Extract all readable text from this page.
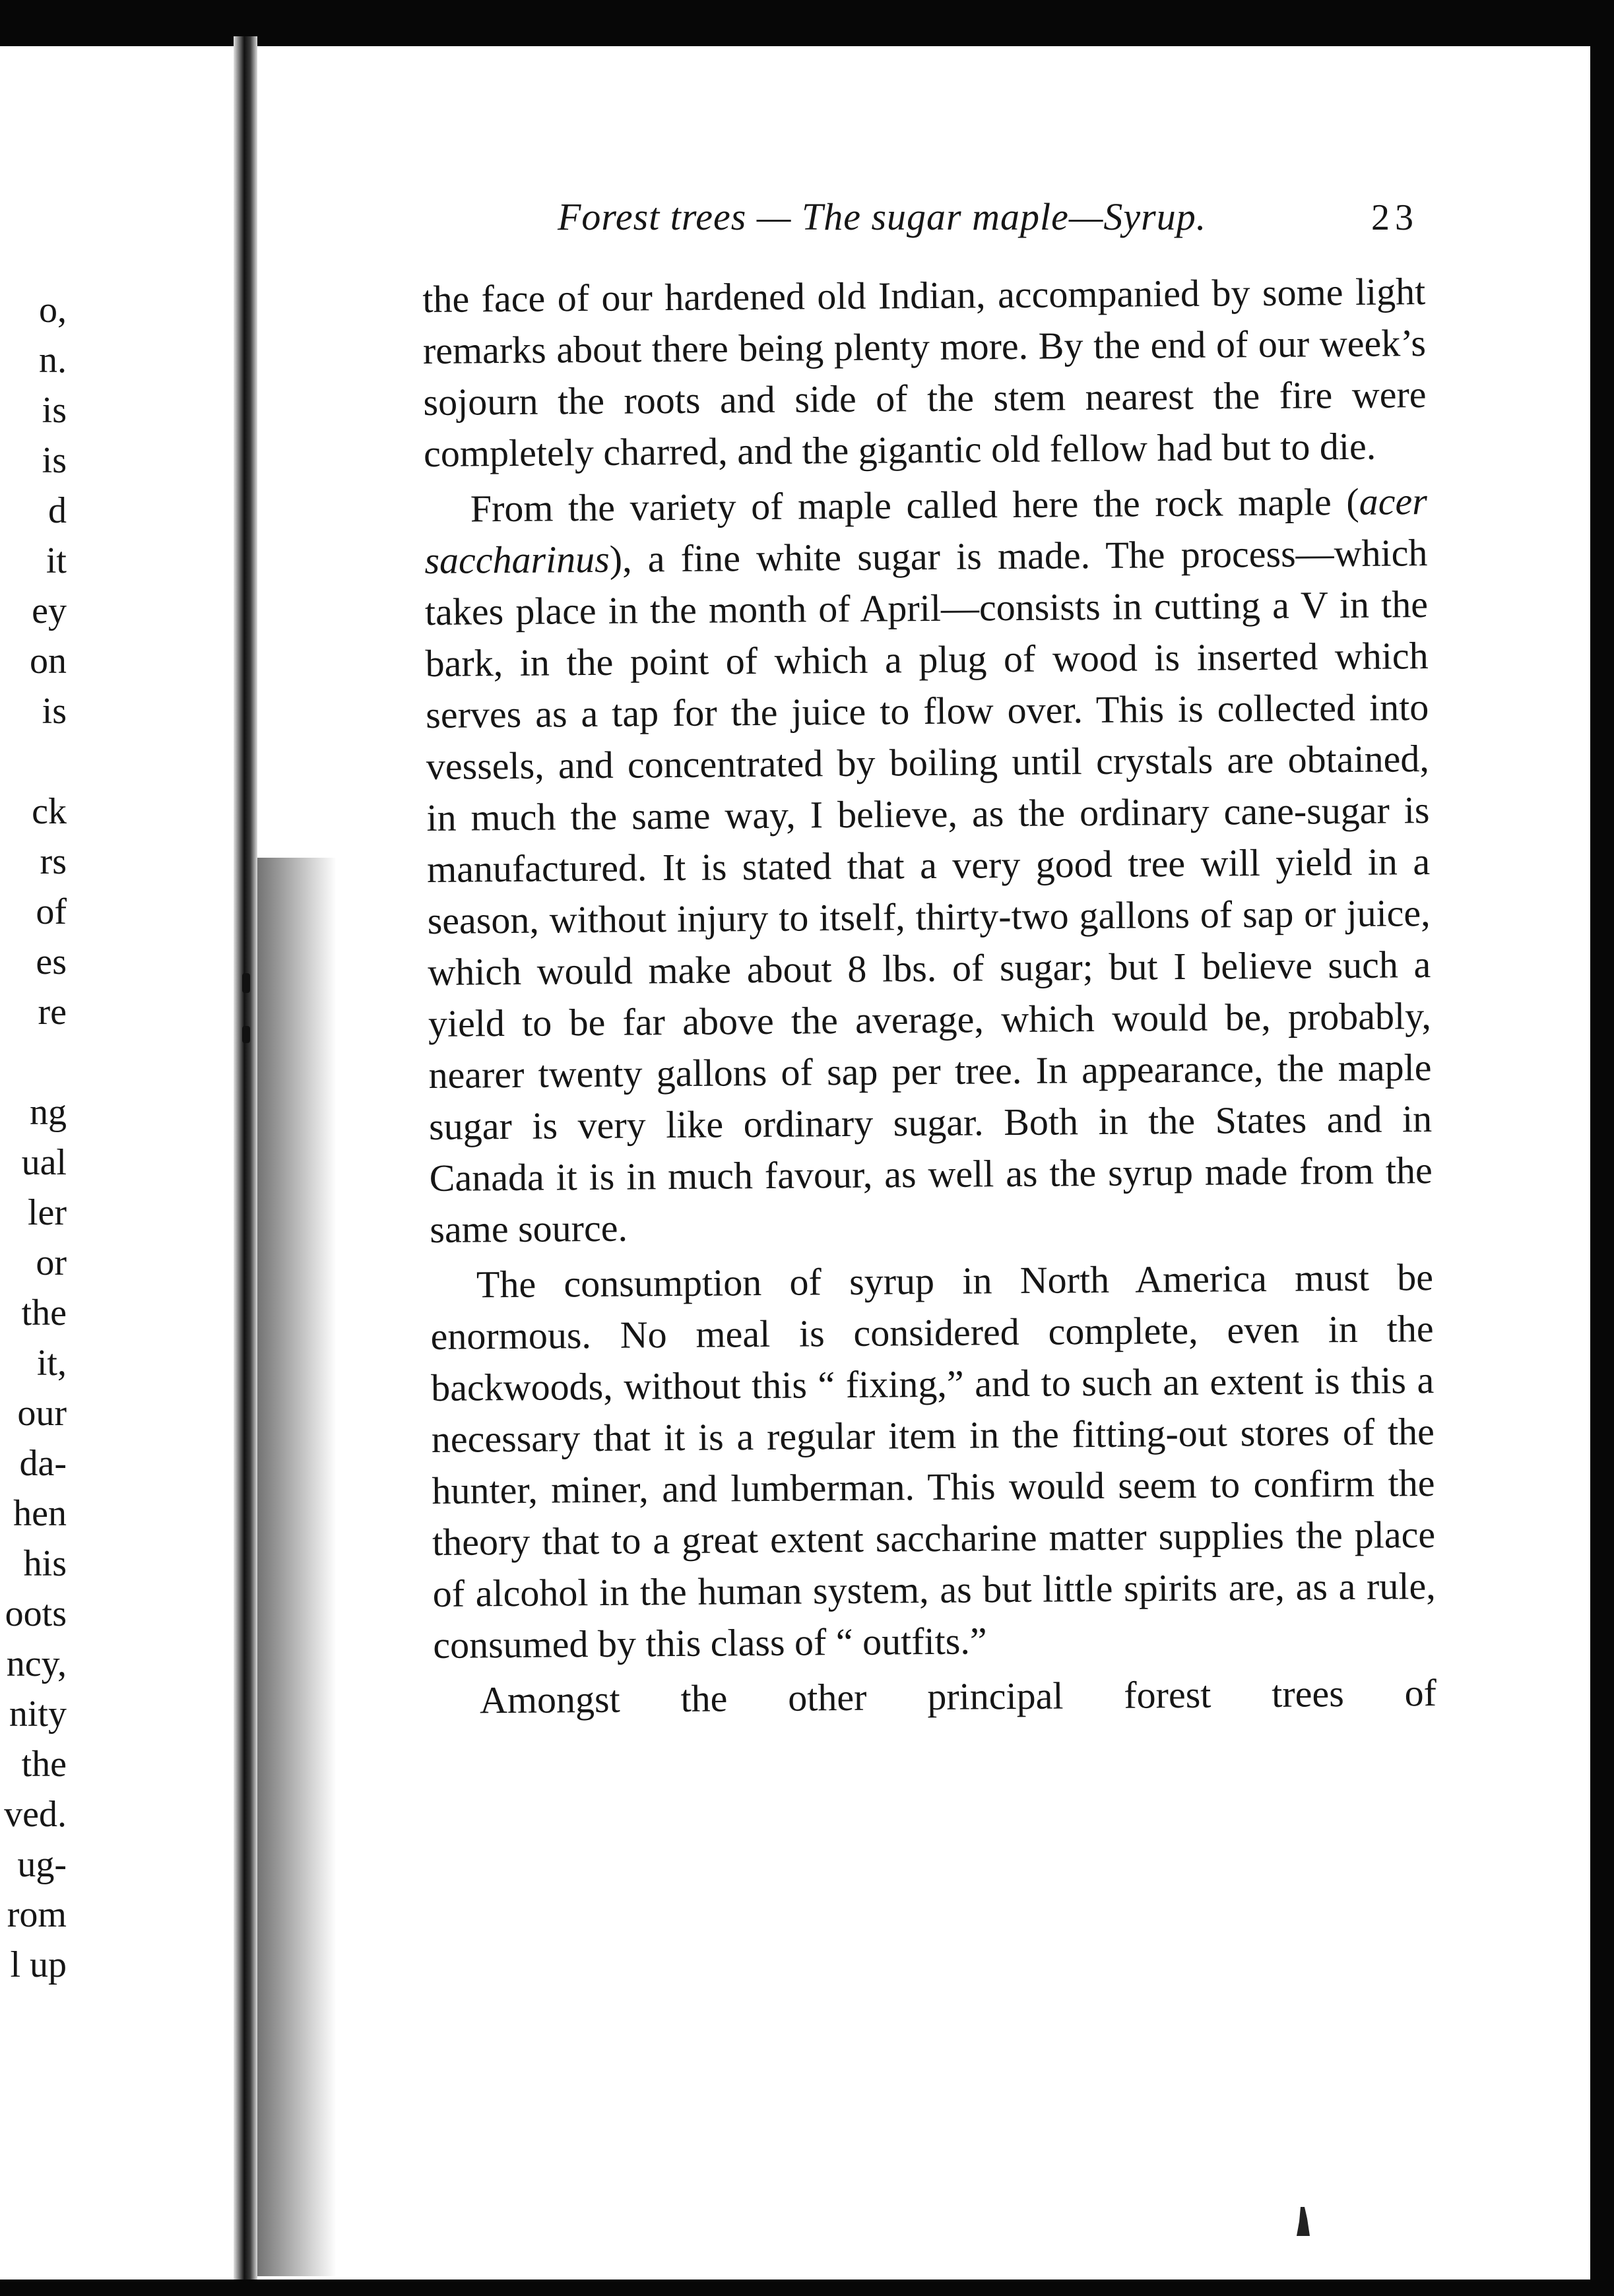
o,
n.
is
is
d
it
ey
on
is
ck
rs
of
es
re
ng
ual
ler
or
the
it,
our
da-
hen
his
oots
ncy,
nity
the
ved.
ug-
rom
l up
Forest trees — The sugar maple—Syrup.	23

the face of our hardened old Indian, accompanied by some light remarks about there being plenty more. By the end of our week’s sojourn the roots and side of the stem nearest the fire were completely charred, and the gigantic old fellow had but to die.

From the variety of maple called here the rock maple (acer saccharinus), a fine white sugar is made. The process—which takes place in the month of April—consists in cutting a V in the bark, in the point of which a plug of wood is inserted which serves as a tap for the juice to flow over. This is collected into vessels, and concentrated by boiling until crystals are obtained, in much the same way, I believe, as the ordinary cane-sugar is manufactured. It is stated that a very good tree will yield in a season, without injury to itself, thirty-two gallons of sap or juice, which would make about 8 lbs. of sugar; but I believe such a yield to be far above the average, which would be, probably, nearer twenty gallons of sap per tree. In appearance, the maple sugar is very like ordinary sugar. Both in the States and in Canada it is in much favour, as well as the syrup made from the same source.

The consumption of syrup in North America must be enormous. No meal is considered complete, even in the backwoods, without this “ fixing,” and to such an extent is this a necessary that it is a regular item in the fitting-out stores of the hunter, miner, and lumberman. This would seem to confirm the theory that to a great extent saccharine matter supplies the place of alcohol in the human system, as but little spirits are, as a rule, consumed by this class of “ outfits.”

Amongst the other principal forest trees of
